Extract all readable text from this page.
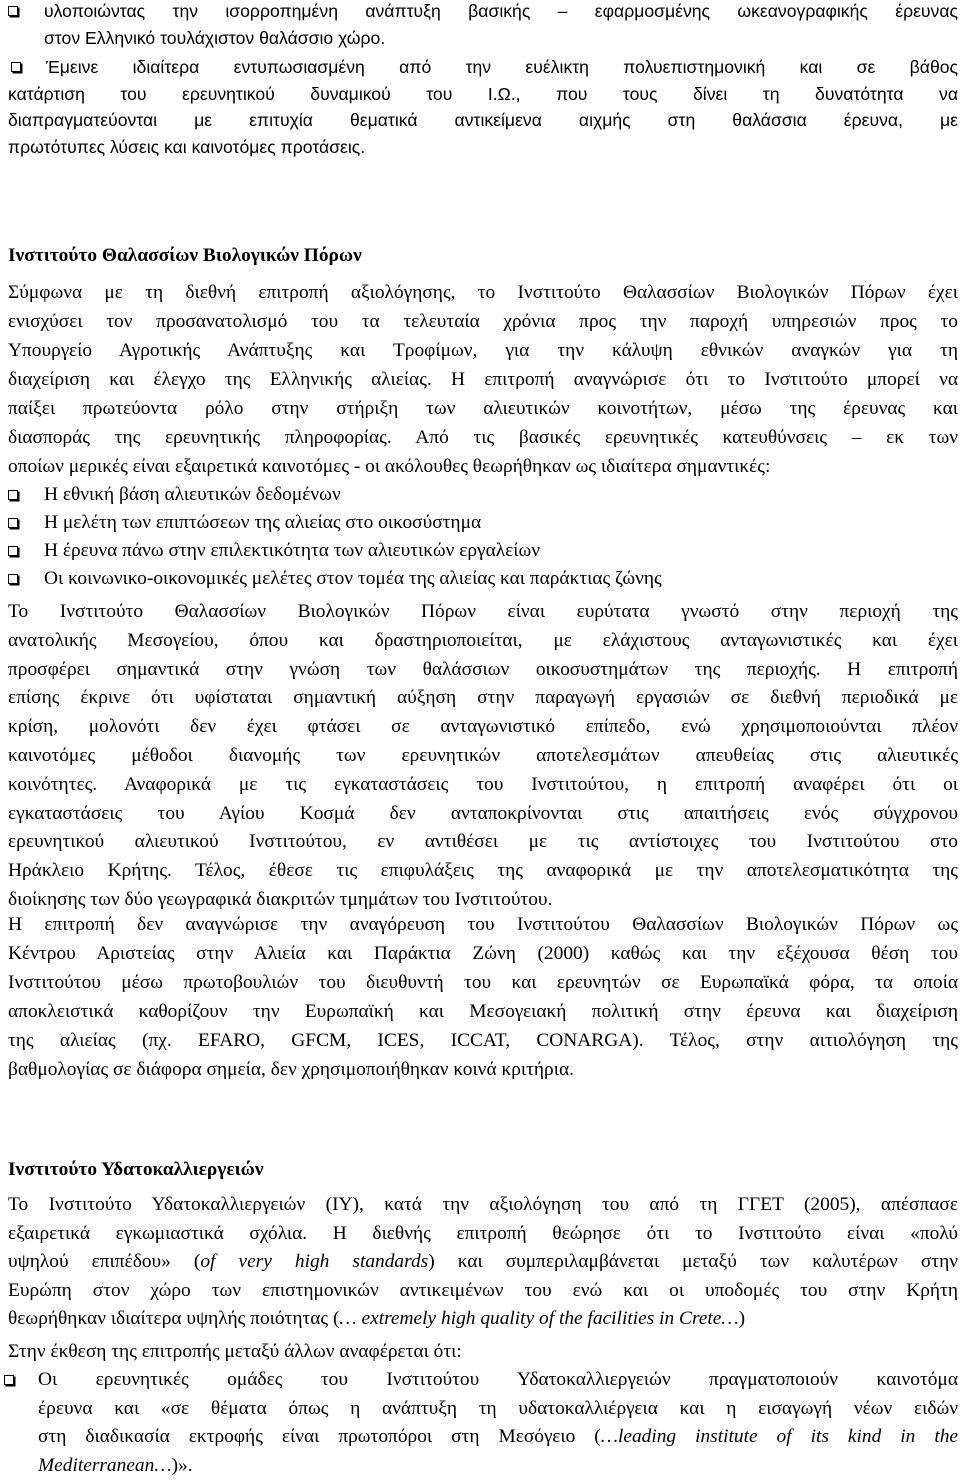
υλοποιώντας την ισορροπημένη ανάπτυξη βασικής – εφαρμοσμένης ωκεανογραφικής έρευνας
στον Ελληνικό τουλάχιστον θαλάσσιο χώρο.
Έμεινε ιδιαίτερα εντυπωσιασμένη από την ευέλικτη πολυεπιστημονική και σε βάθος
κατάρτιση του ερευνητικού δυναμικού του Ι.Ω., που τους δίνει τη δυνατότητα να
διαπραγματεύονται με επιτυχία θεματικά αντικείμενα αιχμής στη θαλάσσια έρευνα, με
πρωτότυπες λύσεις και καινοτόμες προτάσεις.
Ινστιτούτο Θαλασσίων Βιολογικών Πόρων
Σύμφωνα με τη διεθνή επιτροπή αξιολόγησης, το Ινστιτούτο Θαλασσίων Βιολογικών Πόρων έχει
ενισχύσει τον προσανατολισμό του τα τελευταία χρόνια προς την παροχή υπηρεσιών προς το
Υπουργείο Αγροτικής Ανάπτυξης και Τροφίμων, για την κάλυψη εθνικών αναγκών για τη
διαχείριση και έλεγχο της Ελληνικής αλιείας. Η επιτροπή αναγνώρισε ότι το Ινστιτούτο μπορεί να
παίξει πρωτεύοντα ρόλο στην στήριξη των αλιευτικών κοινοτήτων, μέσω της έρευνας και
διασποράς της ερευνητικής πληροφορίας. Από τις βασικές ερευνητικές κατευθύνσεις – εκ των
οποίων μερικές είναι εξαιρετικά καινοτόμες - οι ακόλουθες θεωρήθηκαν ως ιδιαίτερα σημαντικές:
Η εθνική βάση αλιευτικών δεδομένων
Η μελέτη των επιπτώσεων της αλιείας στο οικοσύστημα
Η έρευνα πάνω στην επιλεκτικότητα των αλιευτικών εργαλείων
Οι κοινωνικο-οικονομικές μελέτες στον τομέα της αλιείας και παράκτιας ζώνης
Το Ινστιτούτο Θαλασσίων Βιολογικών Πόρων είναι ευρύτατα γνωστό στην περιοχή της
ανατολικής Μεσογείου, όπου και δραστηριοποιείται, με ελάχιστους ανταγωνιστικές και έχει
προσφέρει σημαντικά στην γνώση των θαλάσσιων οικοσυστημάτων της περιοχής. Η επιτροπή
επίσης έκρινε ότι υφίσταται σημαντική αύξηση στην παραγωγή εργασιών σε διεθνή περιοδικά με
κρίση, μολονότι δεν έχει φτάσει σε ανταγωνιστικό επίπεδο, ενώ χρησιμοποιούνται πλέον
καινοτόμες μέθοδοι διανομής των ερευνητικών αποτελεσμάτων απευθείας στις αλιευτικές
κοινότητες. Αναφορικά με τις εγκαταστάσεις του Ινστιτούτου, η επιτροπή αναφέρει ότι οι
εγκαταστάσεις του Αγίου Κοσμά δεν ανταποκρίνονται στις απαιτήσεις ενός σύγχρονου
ερευνητικού αλιευτικού Ινστιτούτου, εν αντιθέσει με τις αντίστοιχες του Ινστιτούτου στο
Ηράκλειο Κρήτης. Τέλος, έθεσε τις επιφυλάξεις της αναφορικά με την αποτελεσματικότητα της
διοίκησης των δύο γεωγραφικά διακριτών τμημάτων του Ινστιτούτου.
Η επιτροπή δεν αναγνώρισε την αναγόρευση του Ινστιτούτου Θαλασσίων Βιολογικών Πόρων ως
Κέντρου Αριστείας στην Αλιεία και Παράκτια Ζώνη (2000) καθώς και την εξέχουσα θέση του
Ινστιτούτου μέσω πρωτοβουλιών του διευθυντή του και ερευνητών σε Ευρωπαϊκά φόρα, τα οποία
αποκλειστικά καθορίζουν την Ευρωπαϊκή και Μεσογειακή πολιτική στην έρευνα και διαχείριση
της αλιείας (πχ. EFARO, GFCM, ICES, ICCAT, CONARGA). Τέλος, στην αιτιολόγηση της
βαθμολογίας σε διάφορα σημεία, δεν χρησιμοποιήθηκαν κοινά κριτήρια.
Ινστιτούτο Υδατοκαλλιεργειών
Το Ινστιτούτο Υδατοκαλλιεργειών (ΙΥ), κατά την αξιολόγηση του από τη ΓΓΕΤ (2005), απέσπασε
εξαιρετικά εγκωμιαστικά σχόλια. Η διεθνής επιτροπή θεώρησε ότι το Ινστιτούτο είναι «πολύ
υψηλού επιπέδου» (of very high standards) και συμπεριλαμβάνεται μεταξύ των καλυτέρων στην
Ευρώπη στον χώρο των επιστημονικών αντικειμένων του ενώ και οι υποδομές του στην Κρήτη
θεωρήθηκαν ιδιαίτερα υψηλής ποιότητας (… extremely high quality of the facilities in Crete…)
Στην έκθεση της επιτροπής μεταξύ άλλων αναφέρεται ότι:
Οι ερευνητικές ομάδες του Ινστιτούτου Υδατοκαλλιεργειών πραγματοποιούν καινοτόμα
έρευνα και «σε θέματα όπως η ανάπτυξη τη υδατοκαλλιέργεια και η εισαγωγή νέων ειδών
στη διαδικασία εκτροφής είναι πρωτοπόροι στη Μεσόγειο (…leading institute of its kind in the
Mediterranean…)».
